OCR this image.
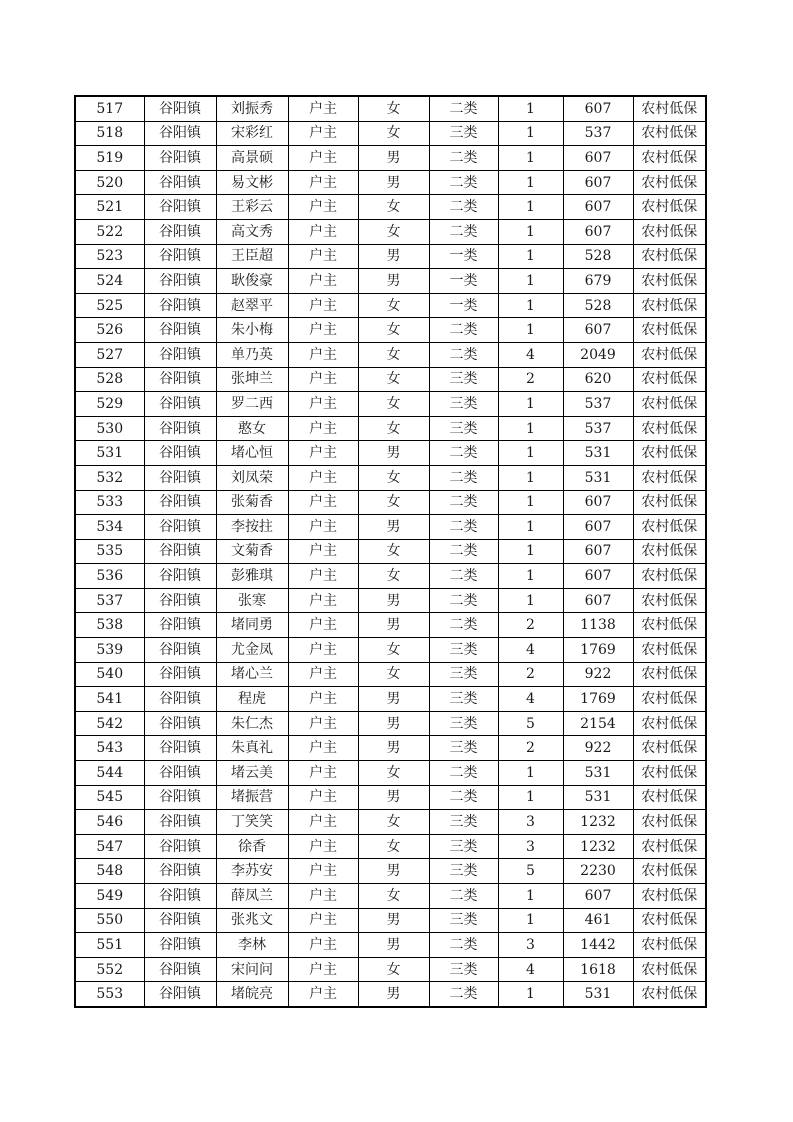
517	谷阳镇	刘振秀	户主	女	二类	1	607	农村低保
518	谷阳镇	宋彩红	户主	女	三类	1	537	农村低保
519	谷阳镇	高景硕	户主	男	二类	1	607	农村低保
520	谷阳镇	易文彬	户主	男	二类	1	607	农村低保
521	谷阳镇	王彩云	户主	女	二类	1	607	农村低保
522	谷阳镇	高文秀	户主	女	二类	1	607	农村低保
523	谷阳镇	王臣超	户主	男	一类	1	528	农村低保
524	谷阳镇	耿俊豪	户主	男	一类	1	679	农村低保
525	谷阳镇	赵翠平	户主	女	一类	1	528	农村低保
526	谷阳镇	朱小梅	户主	女	二类	1	607	农村低保
527	谷阳镇	单乃英	户主	女	二类	4	2049	农村低保
528	谷阳镇	张坤兰	户主	女	三类	2	620	农村低保
529	谷阳镇	罗二西	户主	女	三类	1	537	农村低保
530	谷阳镇	憨女	户主	女	三类	1	537	农村低保
531	谷阳镇	堵心恒	户主	男	二类	1	531	农村低保
532	谷阳镇	刘凤荣	户主	女	二类	1	531	农村低保
533	谷阳镇	张菊香	户主	女	二类	1	607	农村低保
534	谷阳镇	李按拄	户主	男	二类	1	607	农村低保
535	谷阳镇	文菊香	户主	女	二类	1	607	农村低保
536	谷阳镇	彭雅琪	户主	女	二类	1	607	农村低保
537	谷阳镇	张寒	户主	男	二类	1	607	农村低保
538	谷阳镇	堵同勇	户主	男	二类	2	1138	农村低保
539	谷阳镇	尤金凤	户主	女	三类	4	1769	农村低保
540	谷阳镇	堵心兰	户主	女	三类	2	922	农村低保
541	谷阳镇	程虎	户主	男	三类	4	1769	农村低保
542	谷阳镇	朱仁杰	户主	男	三类	5	2154	农村低保
543	谷阳镇	朱真礼	户主	男	三类	2	922	农村低保
544	谷阳镇	堵云美	户主	女	二类	1	531	农村低保
545	谷阳镇	堵振营	户主	男	二类	1	531	农村低保
546	谷阳镇	丁笑笑	户主	女	三类	3	1232	农村低保
547	谷阳镇	徐香	户主	女	三类	3	1232	农村低保
548	谷阳镇	李苏安	户主	男	三类	5	2230	农村低保
549	谷阳镇	薛凤兰	户主	女	二类	1	607	农村低保
550	谷阳镇	张兆文	户主	男	三类	1	461	农村低保
551	谷阳镇	李林	户主	男	二类	3	1442	农村低保
552	谷阳镇	宋问问	户主	女	三类	4	1618	农村低保
553	谷阳镇	堵皖亮	户主	男	二类	1	531	农村低保
